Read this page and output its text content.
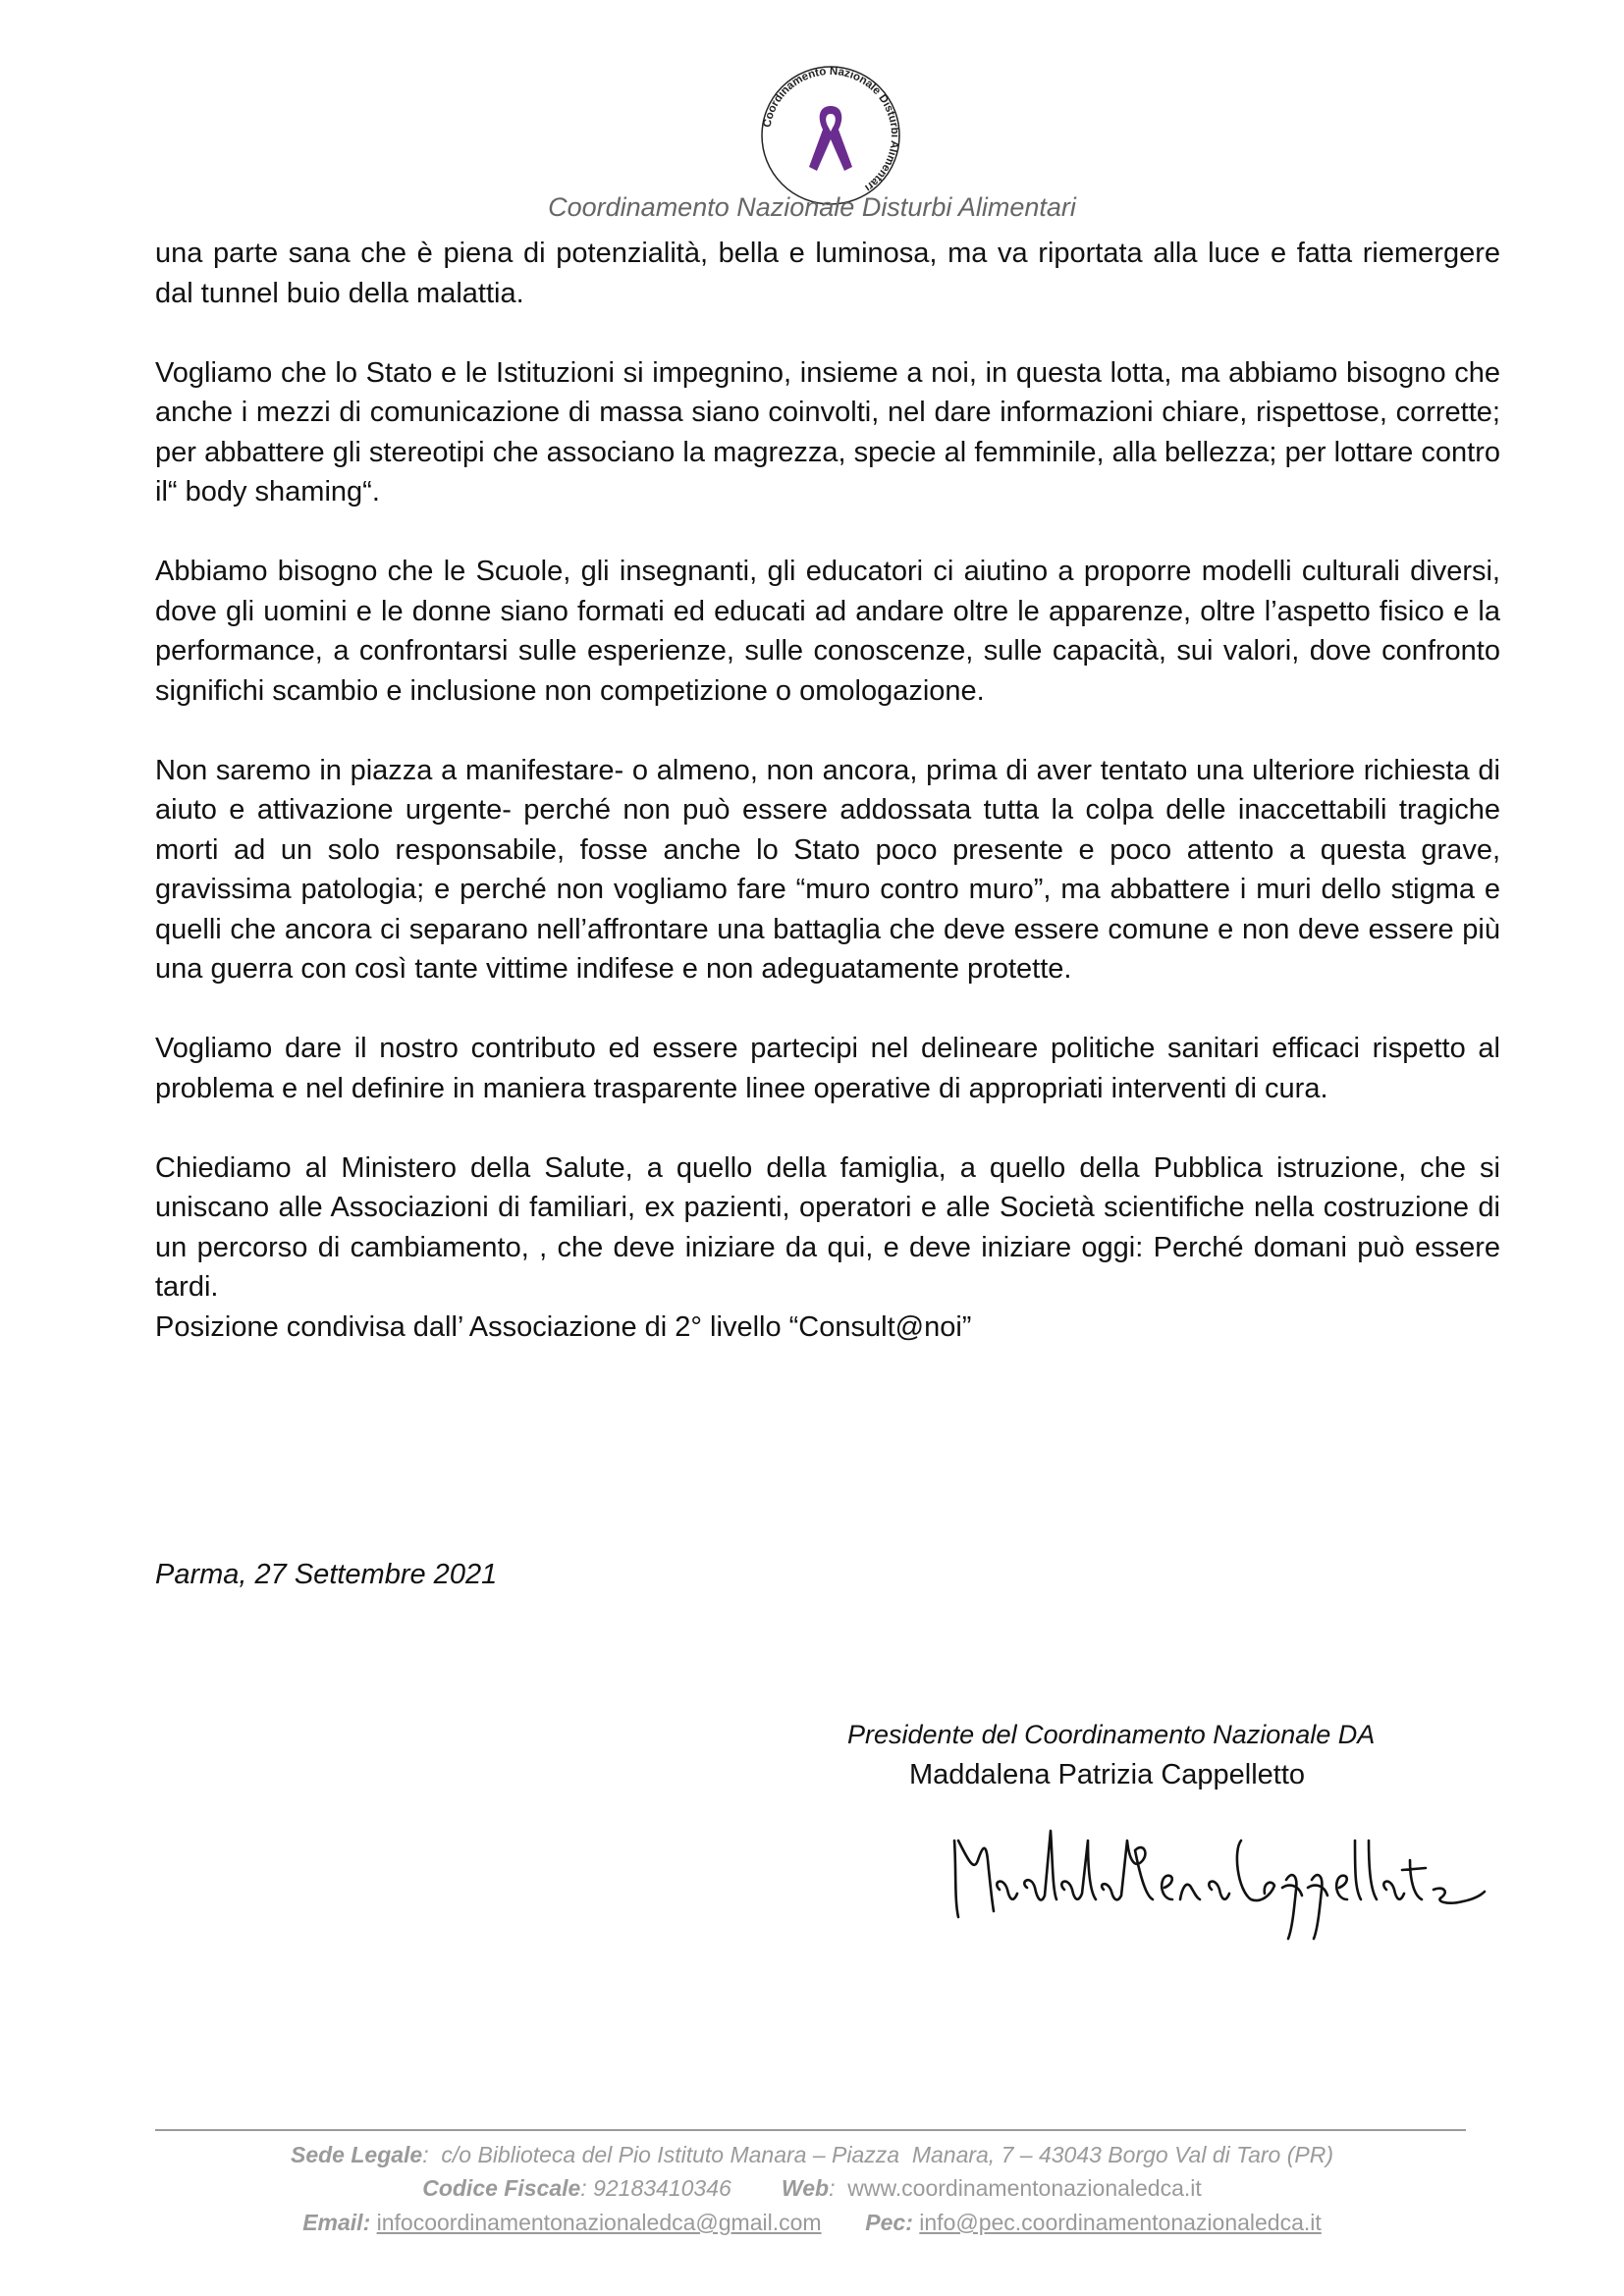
Coordinamento Nazionale Disturbi Alimentari
Coordinamento Nazionale Disturbi Alimentari

una parte sana che è piena di potenzialità, bella e luminosa, ma va riportata alla luce e fatta riemergere dal tunnel buio della malattia.

Vogliamo che lo Stato e le Istituzioni si impegnino, insieme a noi, in questa lotta, ma abbiamo bisogno che anche i mezzi di comunicazione di massa siano coinvolti, nel dare informazioni chiare, rispettose, corrette; per abbattere gli stereotipi che associano la magrezza, specie al femminile, alla bellezza; per lottare contro il“ body shaming“.

Abbiamo bisogno che le Scuole, gli insegnanti, gli educatori ci aiutino a proporre modelli culturali diversi, dove gli uomini e le donne siano formati ed educati ad andare oltre le apparenze, oltre l’aspetto fisico e la performance, a confrontarsi sulle esperienze, sulle conoscenze, sulle capacità, sui valori, dove confronto significhi scambio e inclusione non competizione o omologazione.

Non saremo in piazza a manifestare- o almeno, non ancora, prima di aver tentato una ulteriore richiesta di aiuto e attivazione urgente- perché non può essere addossata tutta la colpa delle inaccettabili tragiche morti ad un solo responsabile, fosse anche lo Stato poco presente e poco attento a questa grave, gravissima patologia; e perché non vogliamo fare “muro contro muro”, ma abbattere i muri dello stigma e quelli che ancora ci separano nell’affrontare una battaglia che deve essere comune e non deve essere più una guerra con così tante vittime indifese e non adeguatamente protette.

Vogliamo dare il nostro contributo ed essere partecipi nel delineare politiche sanitari efficaci rispetto al problema e nel definire in maniera trasparente linee operative di appropriati interventi di cura.

Chiediamo al Ministero della Salute, a quello della famiglia, a quello della Pubblica istruzione, che si uniscano alle Associazioni di familiari, ex pazienti, operatori e alle Società scientifiche nella costruzione di un percorso di cambiamento, , che deve iniziare da qui, e deve iniziare oggi: Perché domani può essere tardi.

Posizione condivisa dall’ Associazione di 2° livello “Consult@noi”

Parma, 27 Settembre 2021
Presidente del Coordinamento Nazionale DA
Maddalena Patrizia Cappelletto
Sede Legale:  c/o Biblioteca del Pio Istituto Manara – Piazza  Manara, 7 – 43043 Borgo Val di Taro (PR)
Codice Fiscale: 92183410346 Web:  www.coordinamentonazionaledca.it
Email: infocoordinamentonazionaledca@gmail.com Pec: info@pec.coordinamentonazionaledca.it
